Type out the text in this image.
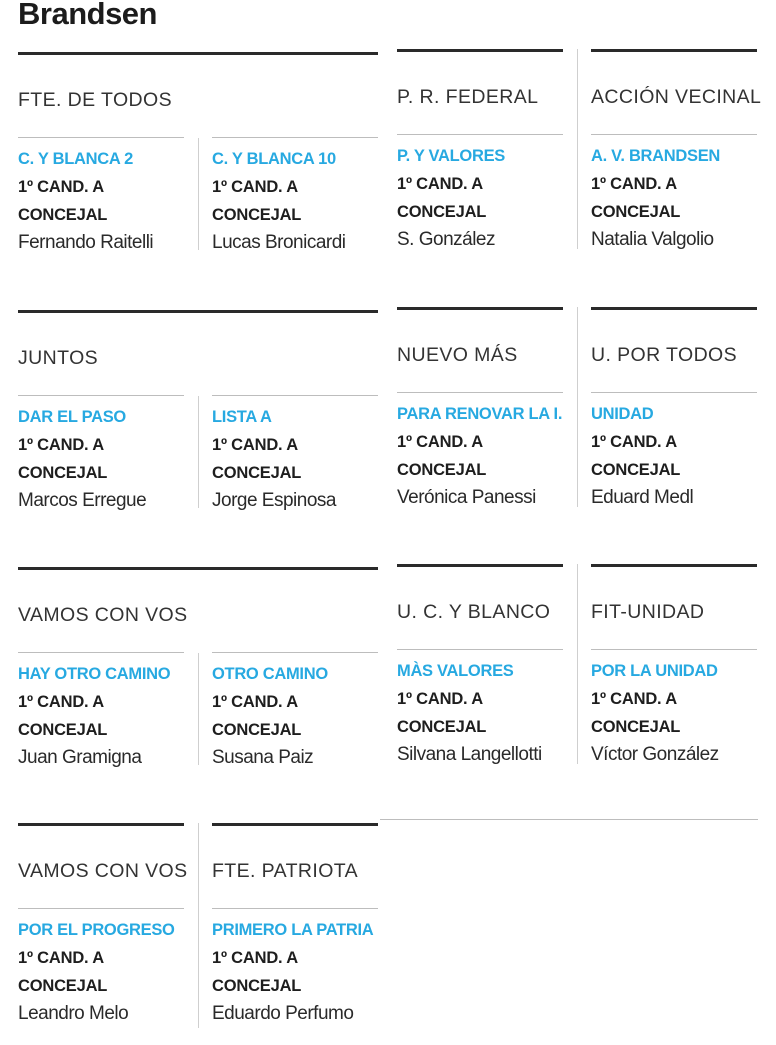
Brandsen
FTE. DE TODOS
C. Y BLANCA 2
1º CAND. A
CONCEJAL
Fernando Raitelli
C. Y BLANCA 10
1º CAND. A
CONCEJAL
Lucas Bronicardi
P. R. FEDERAL
P. Y VALORES
1º CAND. A
CONCEJAL
S. González
ACCIÓN VECINAL
A. V. BRANDSEN
1º CAND. A
CONCEJAL
Natalia Valgolio
JUNTOS
DAR EL PASO
1º CAND. A
CONCEJAL
Marcos Erregue
LISTA A
1º CAND. A
CONCEJAL
Jorge Espinosa
NUEVO MÁS
PARA RENOVAR LA I.
1º CAND. A
CONCEJAL
Verónica Panessi
U. POR TODOS
UNIDAD
1º CAND. A
CONCEJAL
Eduard Medl
VAMOS CON VOS
HAY OTRO CAMINO
1º CAND. A
CONCEJAL
Juan Gramigna
OTRO CAMINO
1º CAND. A
CONCEJAL
Susana Paiz
U. C. Y BLANCO
MÀS VALORES
1º CAND. A
CONCEJAL
Silvana Langellotti
FIT-UNIDAD
POR LA UNIDAD
1º CAND. A
CONCEJAL
Víctor González
VAMOS CON VOS
POR EL PROGRESO
1º CAND. A
CONCEJAL
Leandro Melo
FTE. PATRIOTA
PRIMERO LA PATRIA
1º CAND. A
CONCEJAL
Eduardo Perfumo
